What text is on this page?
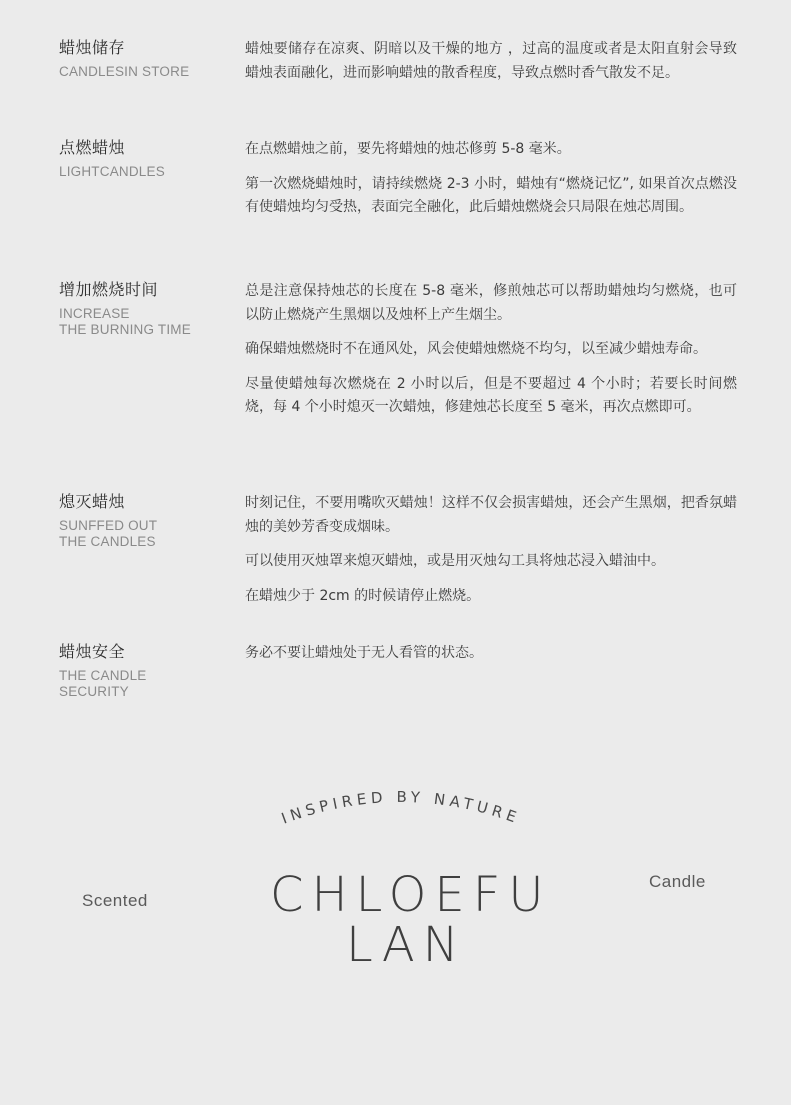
蜡烛储存
CANDLESIN STORE

蜡烛要储存在凉爽、阴暗以及干燥的地方 ，过高的温度或者是太阳直射会导致蜡烛表面融化，进而影响蜡烛的散香程度，导致点燃时香气散发不足。

点燃蜡烛
LIGHTCANDLES

在点燃蜡烛之前，要先将蜡烛的烛芯修剪 5-8 毫米。

第一次燃烧蜡烛时，请持续燃烧 2-3 小时，蜡烛有“燃烧记忆”, 如果首次点燃没有使蜡烛均匀受热，表面完全融化，此后蜡烛燃烧会只局限在烛芯周围。

增加燃烧时间
INCREASE
THE BURNING TIME

总是注意保持烛芯的长度在 5-8 毫米，修煎烛芯可以帮助蜡烛均匀燃烧，也可以防止燃烧产生黑烟以及烛杯上产生烟尘。

确保蜡烛燃烧时不在通风处，风会使蜡烛燃烧不均匀，以至减少蜡烛寿命。

尽量使蜡烛每次燃烧在 2 小时以后，但是不要超过 4 个小时；若要长时间燃烧，每 4 个小时熄灭一次蜡烛，修建烛芯长度至 5 毫米，再次点燃即可。

熄灭蜡烛
SUNFFED OUT
THE CANDLES

时刻记住，不要用嘴吹灭蜡烛！这样不仅会损害蜡烛，还会产生黑烟，把香氛蜡烛的美妙芳香变成烟味。

可以使用灭烛罩来熄灭蜡烛，或是用灭烛勾工具将烛芯浸入蜡油中。

在蜡烛少于 2cm 的时候请停止燃烧。

蜡烛安全
THE CANDLE
SECURITY

务必不要让蜡烛处于无人看管的状态。

INSPIRED BY NATURE
Scented
Candle
CHLOEFU
LAN
